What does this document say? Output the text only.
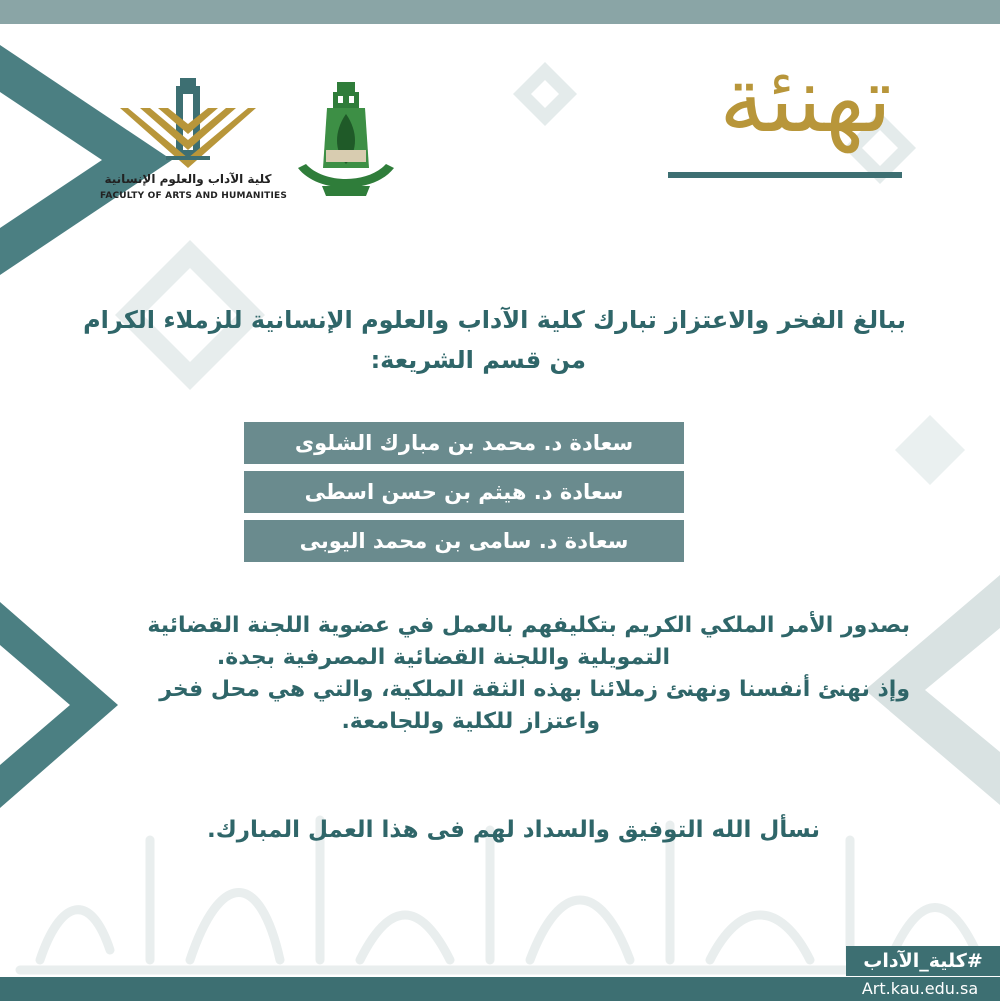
تهنئة
كلية الآداب والعلوم الإنسانية
FACULTY OF ARTS AND HUMANITIES
ببالغ الفخر والاعتزاز تبارك كلية الآداب والعلوم الإنسانية للزملاء الكرام
من قسم الشريعة:
سعادة د. محمد بن مبارك الشلوى
سعادة د. هيثم بن حسن اسطى
سعادة د. سامى بن محمد اليوبى

بصدور الأمر الملكي الكريم بتكليفهم بالعمل في عضوية اللجنة القضائية

التمويلية واللجنة القضائية المصرفية بجدة.

وإذ نهنئ أنفسنا ونهنئ زملائنا بهذه الثقة الملكية، والتي هي محل فخر

واعتزاز للكلية وللجامعة.

نسأل الله التوفيق والسداد لهم فى هذا العمل المبارك.
#كلية_الآداب
Art.kau.edu.sa
